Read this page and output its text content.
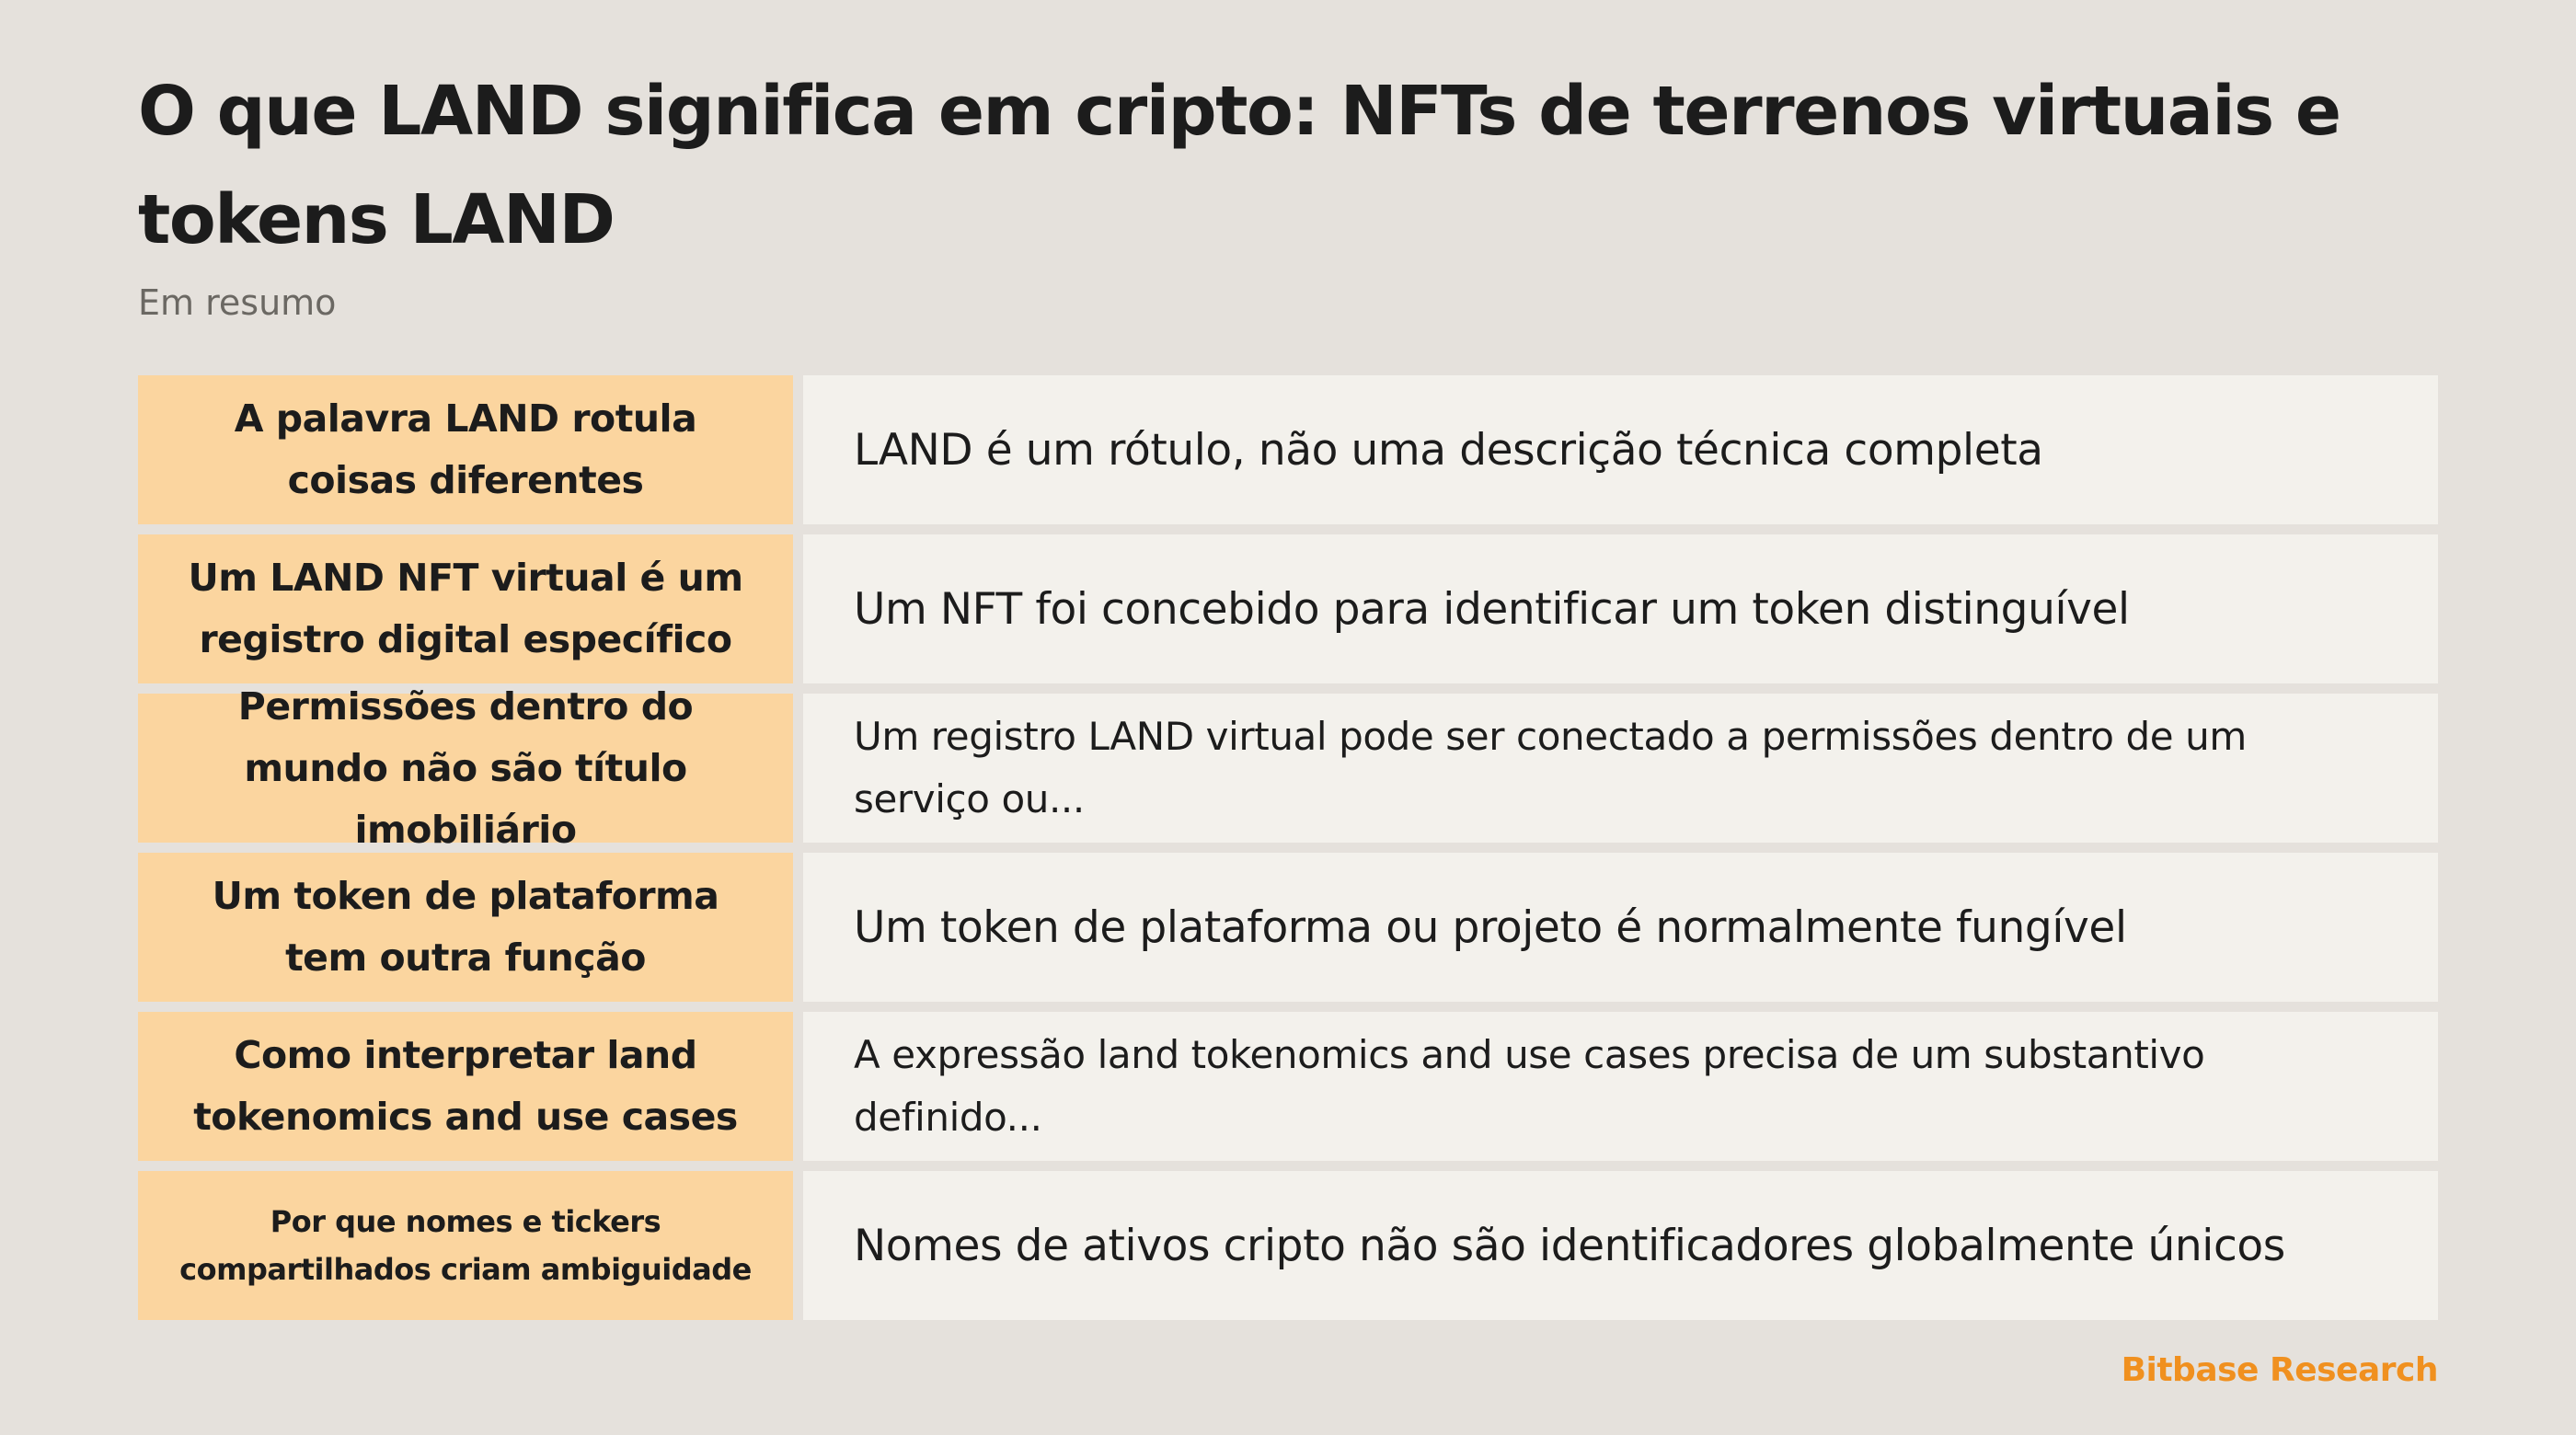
O que LAND significa em cripto: NFTs de terrenos virtuais e tokens LAND
Em resumo
A palavra LAND rotula coisas diferentes
LAND é um rótulo, não uma descrição técnica completa
Um LAND NFT virtual é um registro digital específico
Um NFT foi concebido para identificar um token distinguível
Permissões dentro do mundo não são título imobiliário
Um registro LAND virtual pode ser conectado a permissões dentro de um serviço ou...
Um token de plataforma tem outra função
Um token de plataforma ou projeto é normalmente fungível
Como interpretar land tokenomics and use cases
A expressão land tokenomics and use cases precisa de um substantivo definido...
Por que nomes e tickers compartilhados criam ambiguidade	Nomes de ativos cripto não são identificadores globalmente únicos
Bitbase Research
